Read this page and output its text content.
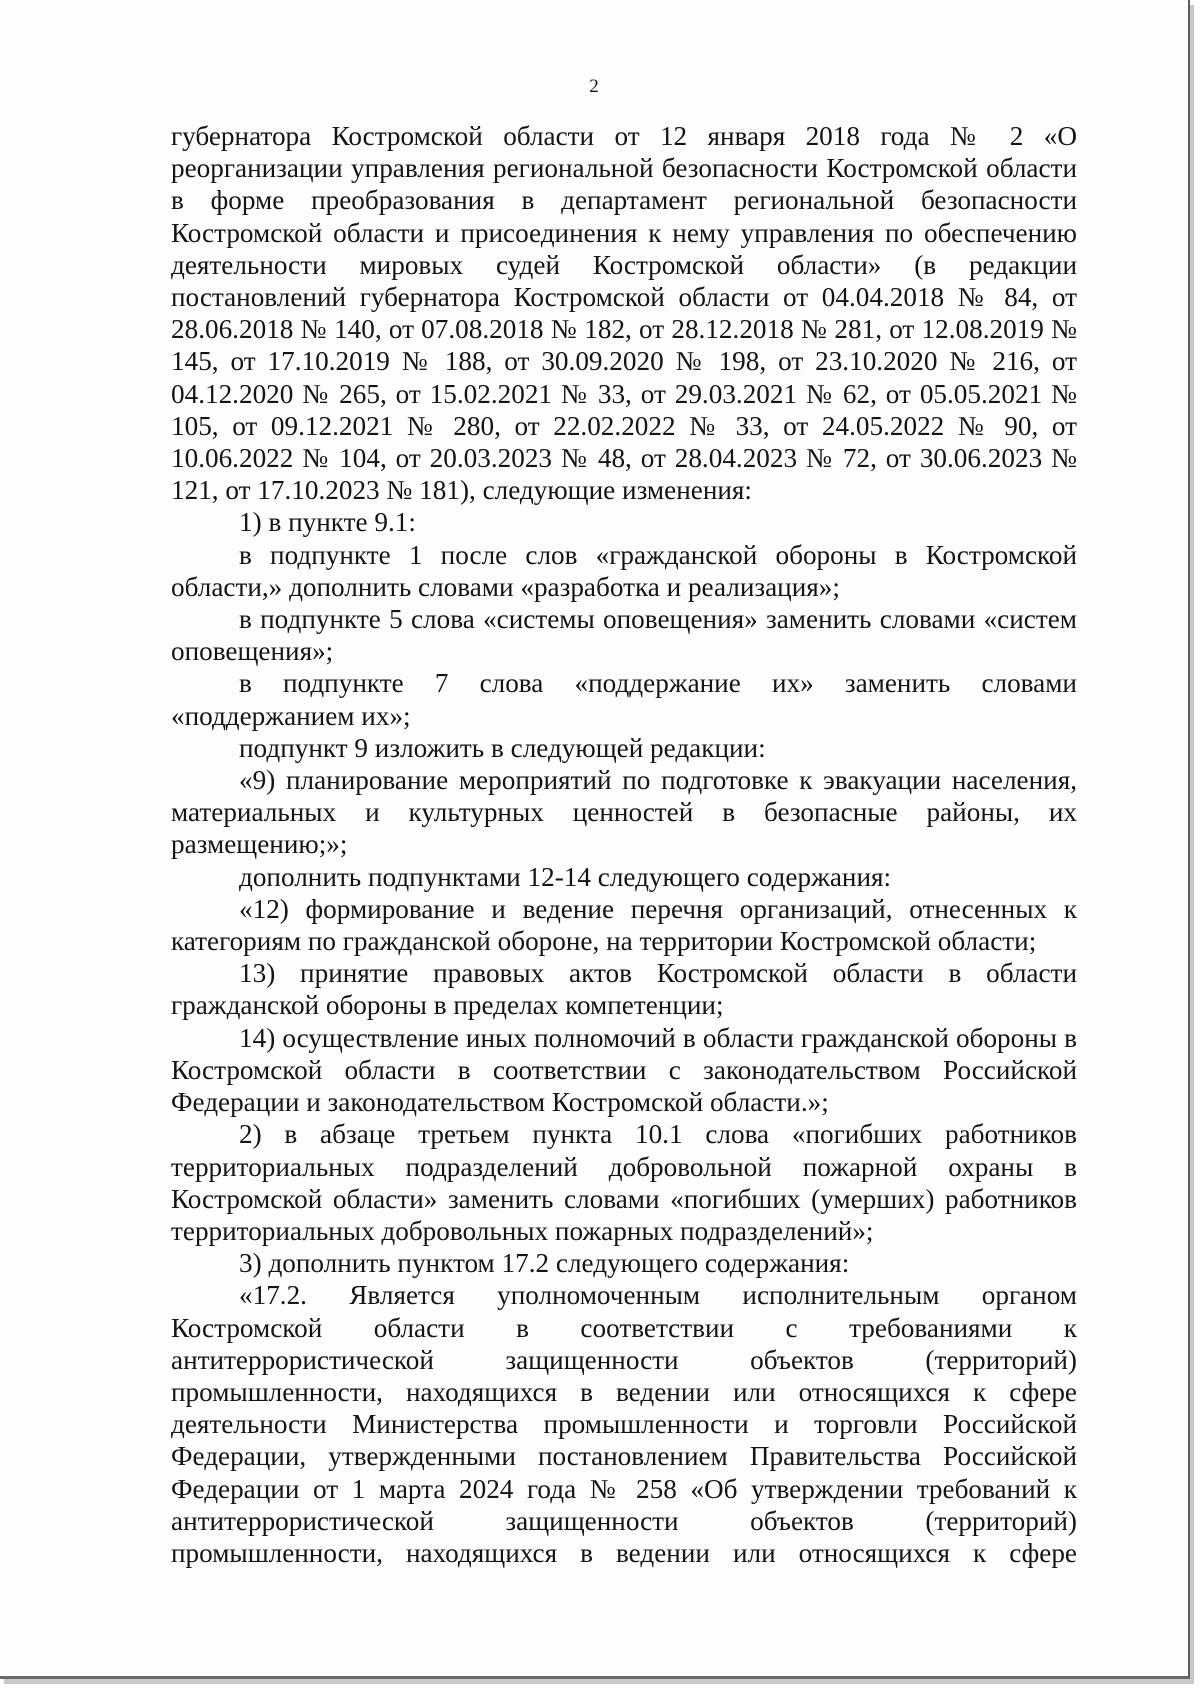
2

губернатора Костромской области от 12 января 2018 года № 2 «О реорганизации управления региональной безопасности Костромской области в форме преобразования в департамент региональной безопасности Костромской области и присоединения к нему управления по обеспечению деятельности мировых судей Костромской области» (в редакции постановлений губернатора Костромской области от 04.04.2018 № 84, от 28.06.2018 № 140, от 07.08.2018 № 182, от 28.12.2018 № 281, от 12.08.2019 № 145, от 17.10.2019 № 188, от 30.09.2020 № 198, от 23.10.2020 № 216, от 04.12.2020 № 265, от 15.02.2021 № 33, от 29.03.2021 № 62, от 05.05.2021 № 105, от 09.12.2021 № 280, от 22.02.2022 № 33, от 24.05.2022 № 90, от 10.06.2022 № 104, от 20.03.2023 № 48, от 28.04.2023 № 72, от 30.06.2023 № 121, от 17.10.2023 № 181), следующие изменения:

1) в пункте 9.1:

в подпункте 1 после слов «гражданской обороны в Костромской области,» дополнить словами «разработка и реализация»;

в подпункте 5 слова «системы оповещения» заменить словами «систем оповещения»;

в подпункте 7 слова «поддержание их» заменить словами «поддержанием их»;

подпункт 9 изложить в следующей редакции:

«9) планирование мероприятий по подготовке к эвакуации населения, материальных и культурных ценностей в безопасные районы, их размещению;»;

дополнить подпунктами 12-14 следующего содержания:

«12) формирование и ведение перечня организаций, отнесенных к категориям по гражданской обороне, на территории Костромской области;

13) принятие правовых актов Костромской области в области гражданской обороны в пределах компетенции;

14) осуществление иных полномочий в области гражданской обороны в Костромской области в соответствии с законодательством Российской Федерации и законодательством Костромской области.»;

2) в абзаце третьем пункта 10.1 слова «погибших работников территориальных подразделений добровольной пожарной охраны в Костромской области» заменить словами «погибших (умерших) работников территориальных добровольных пожарных подразделений»;

3) дополнить пунктом 17.2 следующего содержания:

«17.2. Является уполномоченным исполнительным органом Костромской области в соответствии с требованиями к антитеррористической защищенности объектов (территорий) промышленности, находящихся в ведении или относящихся к сфере деятельности Министерства промышленности и торговли Российской Федерации, утвержденными постановлением Правительства Российской Федерации от 1 марта 2024 года № 258 «Об утверждении требований к антитеррористической защищенности объектов (территорий) промышленности, находящихся в ведении или относящихся к сфере
